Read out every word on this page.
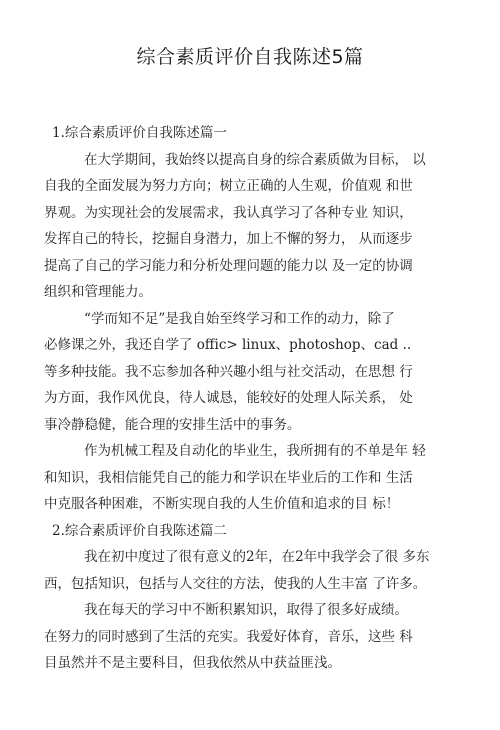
综合素质评价自我陈述5篇
1.综合素质评价自我陈述篇一
在大学期间，我始终以提高自身的综合素质做为目标， 以
自我的全面发展为努力方向；树立正确的人生观，价值观 和世
界观。为实现社会的发展需求，我认真学习了各种专业 知识，
发挥自己的特长，挖掘自身潜力，加上不懈的努力， 从而逐步
提高了自己的学习能力和分析处理问题的能力以 及一定的协调
组织和管理能力。
“学而知不足”是我自始至终学习和工作的动力，除了
必修课之外，我还自学了 offic> linux、photoshop、cad ..
等多种技能。我不忘参加各种兴趣小组与社交活动，在思想 行
为方面，我作风优良，待人诚恳，能较好的处理人际关系， 处
事冷静稳健，能合理的安排生活中的事务。
作为机械工程及自动化的毕业生，我所拥有的不单是年 轻
和知识，我相信能凭自己的能力和学识在毕业后的工作和 生活
中克服各种困难，不断实现自我的人生价值和追求的目 标！
2.综合素质评价自我陈述篇二
我在初中度过了很有意义的2年，在2年中我学会了很 多东
西，包括知识，包括与人交往的方法，使我的人生丰富 了许多。
我在每天的学习中不断积累知识，取得了很多好成绩。
在努力的同时感到了生活的充实。我爱好体育，音乐，这些 科
目虽然并不是主要科目，但我依然从中获益匪浅。
